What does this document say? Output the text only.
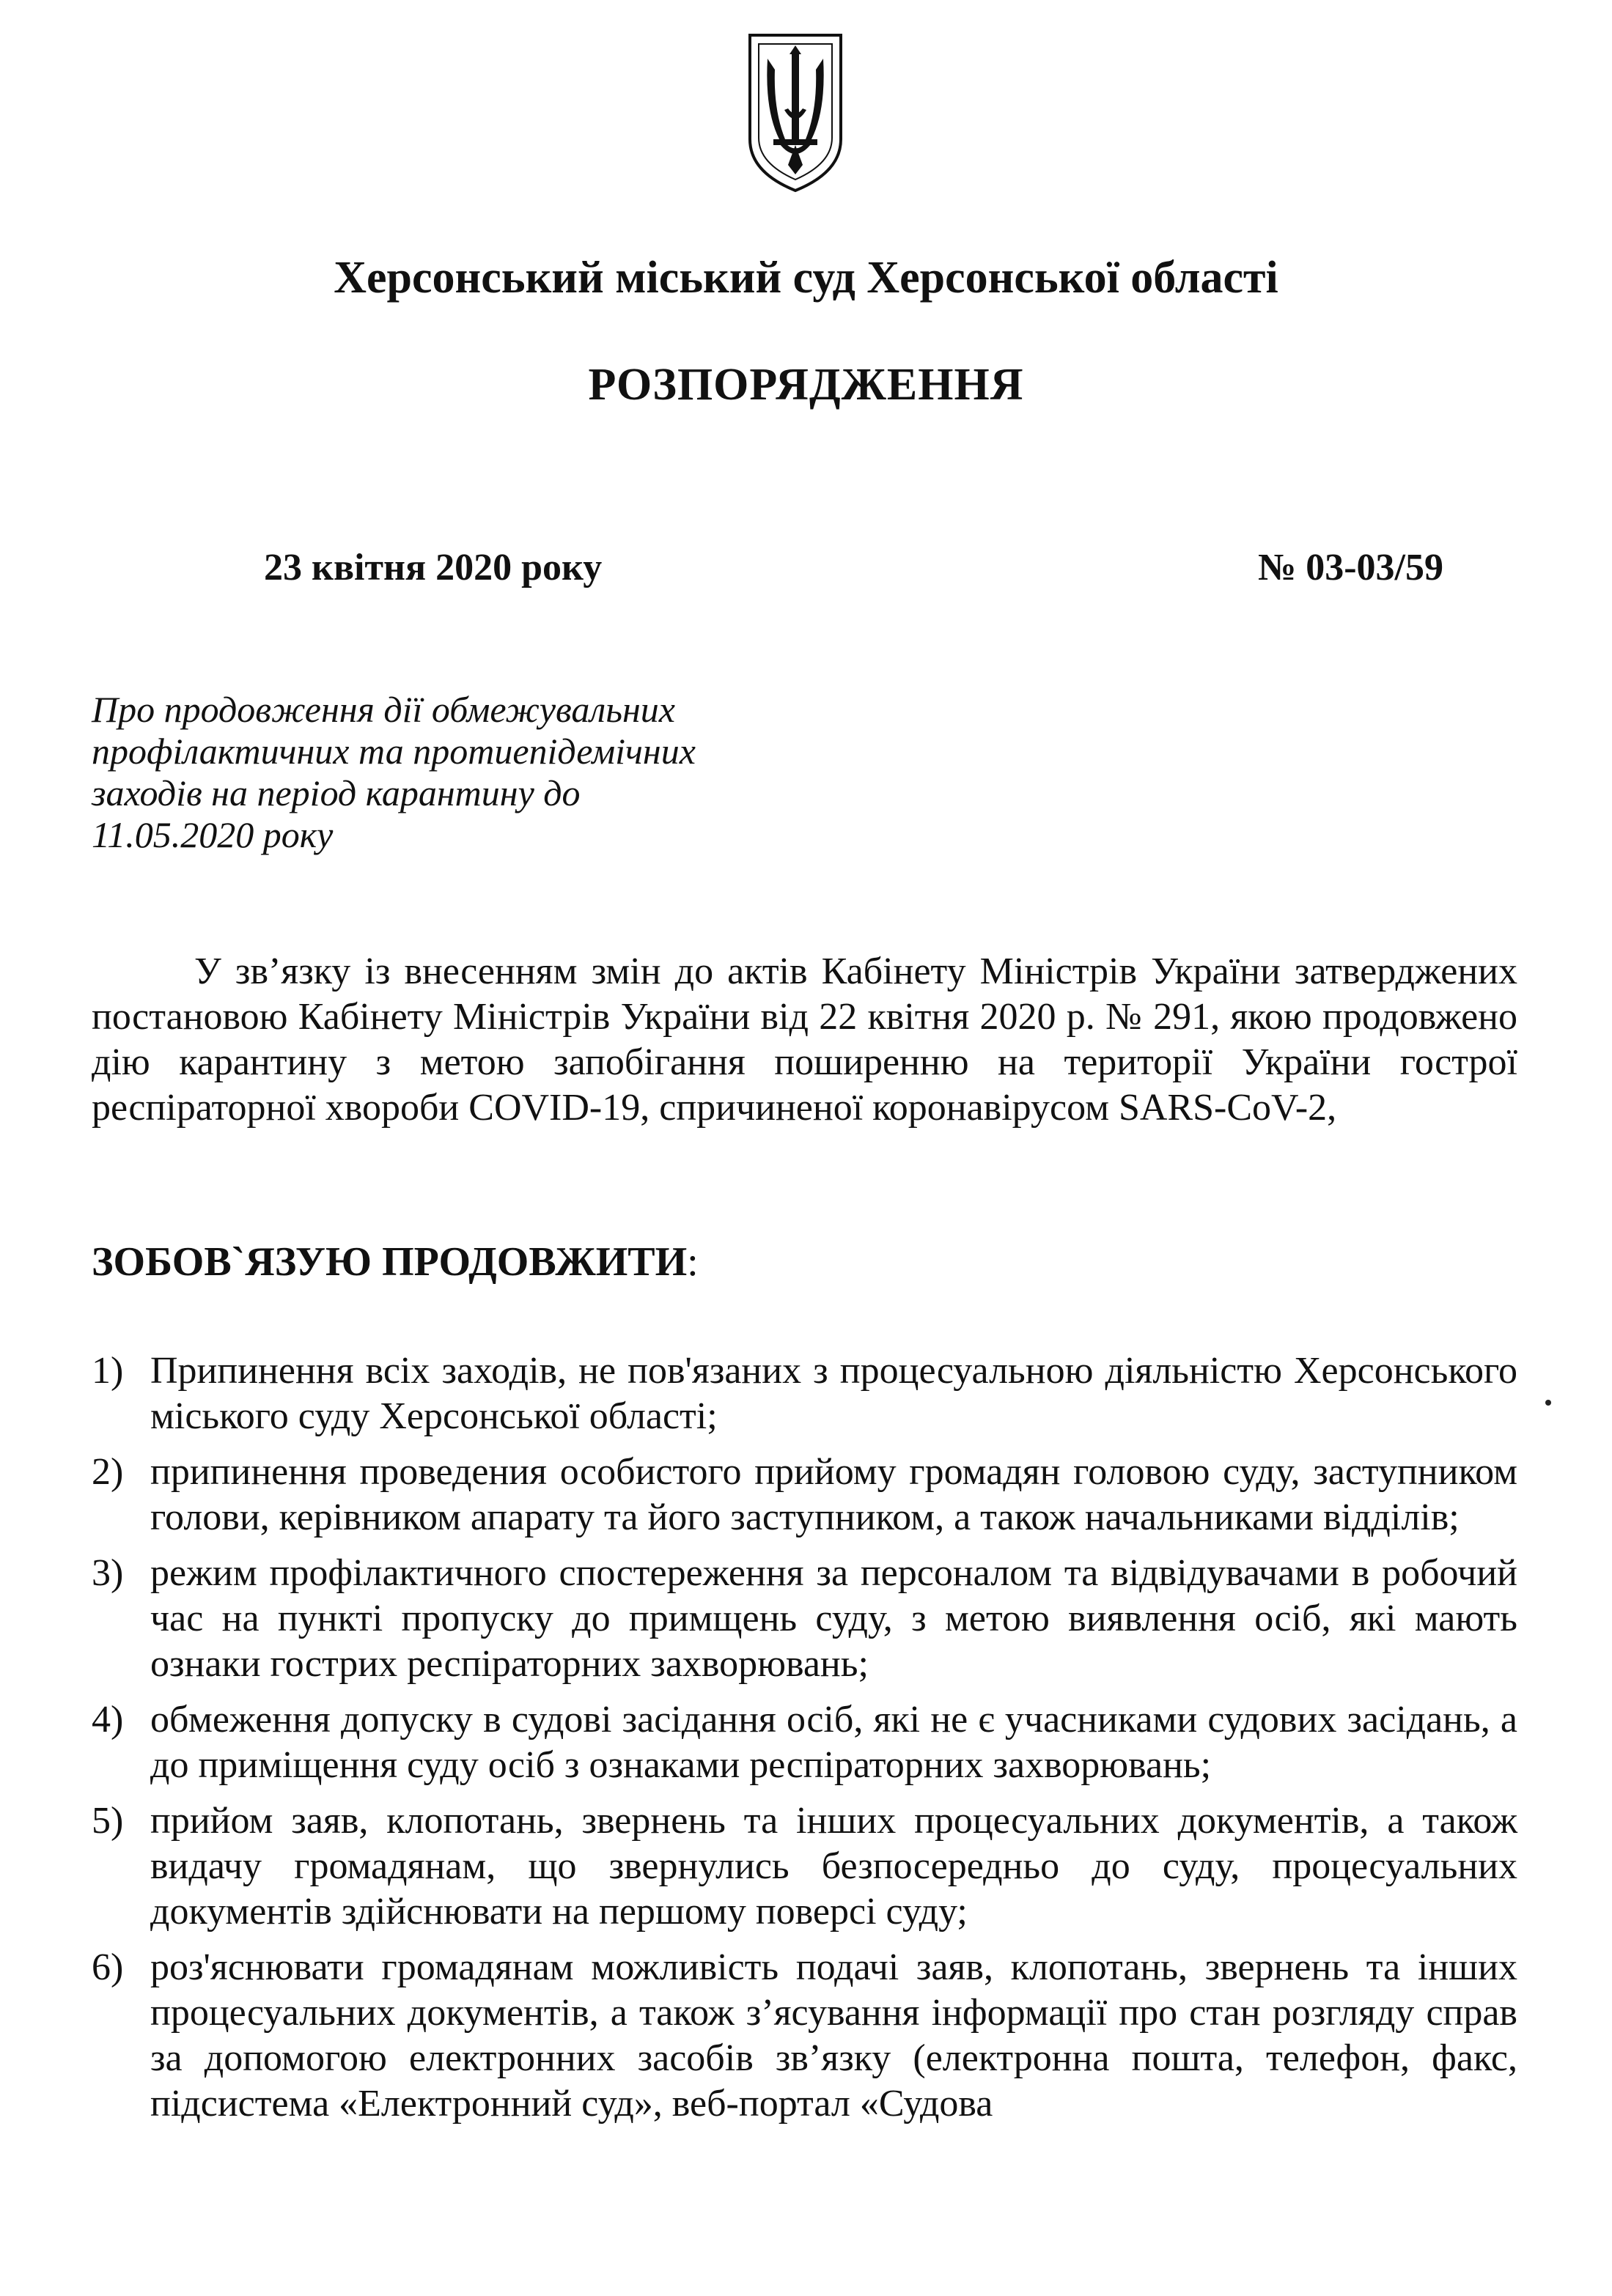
Херсонський міський суд Херсонської області
РОЗПОРЯДЖЕННЯ
23 квітня 2020 року	№ 03-03/59
Про продовження дії обмежувальних
профілактичних та протиепідемічних
заходів на період карантину до
11.05.2020 року
У зв’язку із внесенням змін до актів Кабінету Міністрів України затверджених постановою Кабінету Міністрів України від 22 квітня 2020 р. № 291, якою продовжено дію карантину з метою запобігання поширенню на території України гострої респіраторної хвороби COVID-19, спричиненої коронавірусом SARS-CoV-2,
ЗОБОВ`ЯЗУЮ ПРОДОВЖИТИ:
1) Припинення всіх заходів, не пов'язаних з процесуальною діяльністю Херсонського міського суду Херсонської області;
2) припинення проведения особистого прийому громадян головою суду, заступником голови, керівником апарату та його заступником, а також начальниками відділів;
3) режим профілактичного спостереження за персоналом та відвідувачами в робочий час на пункті пропуску до примщень суду, з метою виявлення осіб, які мають ознаки гострих респіраторних захворювань;
4) обмеження допуску в судові засідання осіб, які не є учасниками судових засідань, а до приміщення суду осіб з ознаками респіраторних захворювань;
5) прийом заяв, клопотань, звернень та інших процесуальних документів, а також видачу громадянам, що звернулись безпосередньо до суду, процесуальних документів здійснювати на першому поверсі суду;
6) роз'яснювати громадянам можливість подачі заяв, клопотань, звернень та інших процесуальних документів, а також з’ясування інформації про стан розгляду справ за допомогою електронних засобів зв’язку (електронна пошта, телефон, факс, підсистема «Електронний суд», веб-портал «Судова
